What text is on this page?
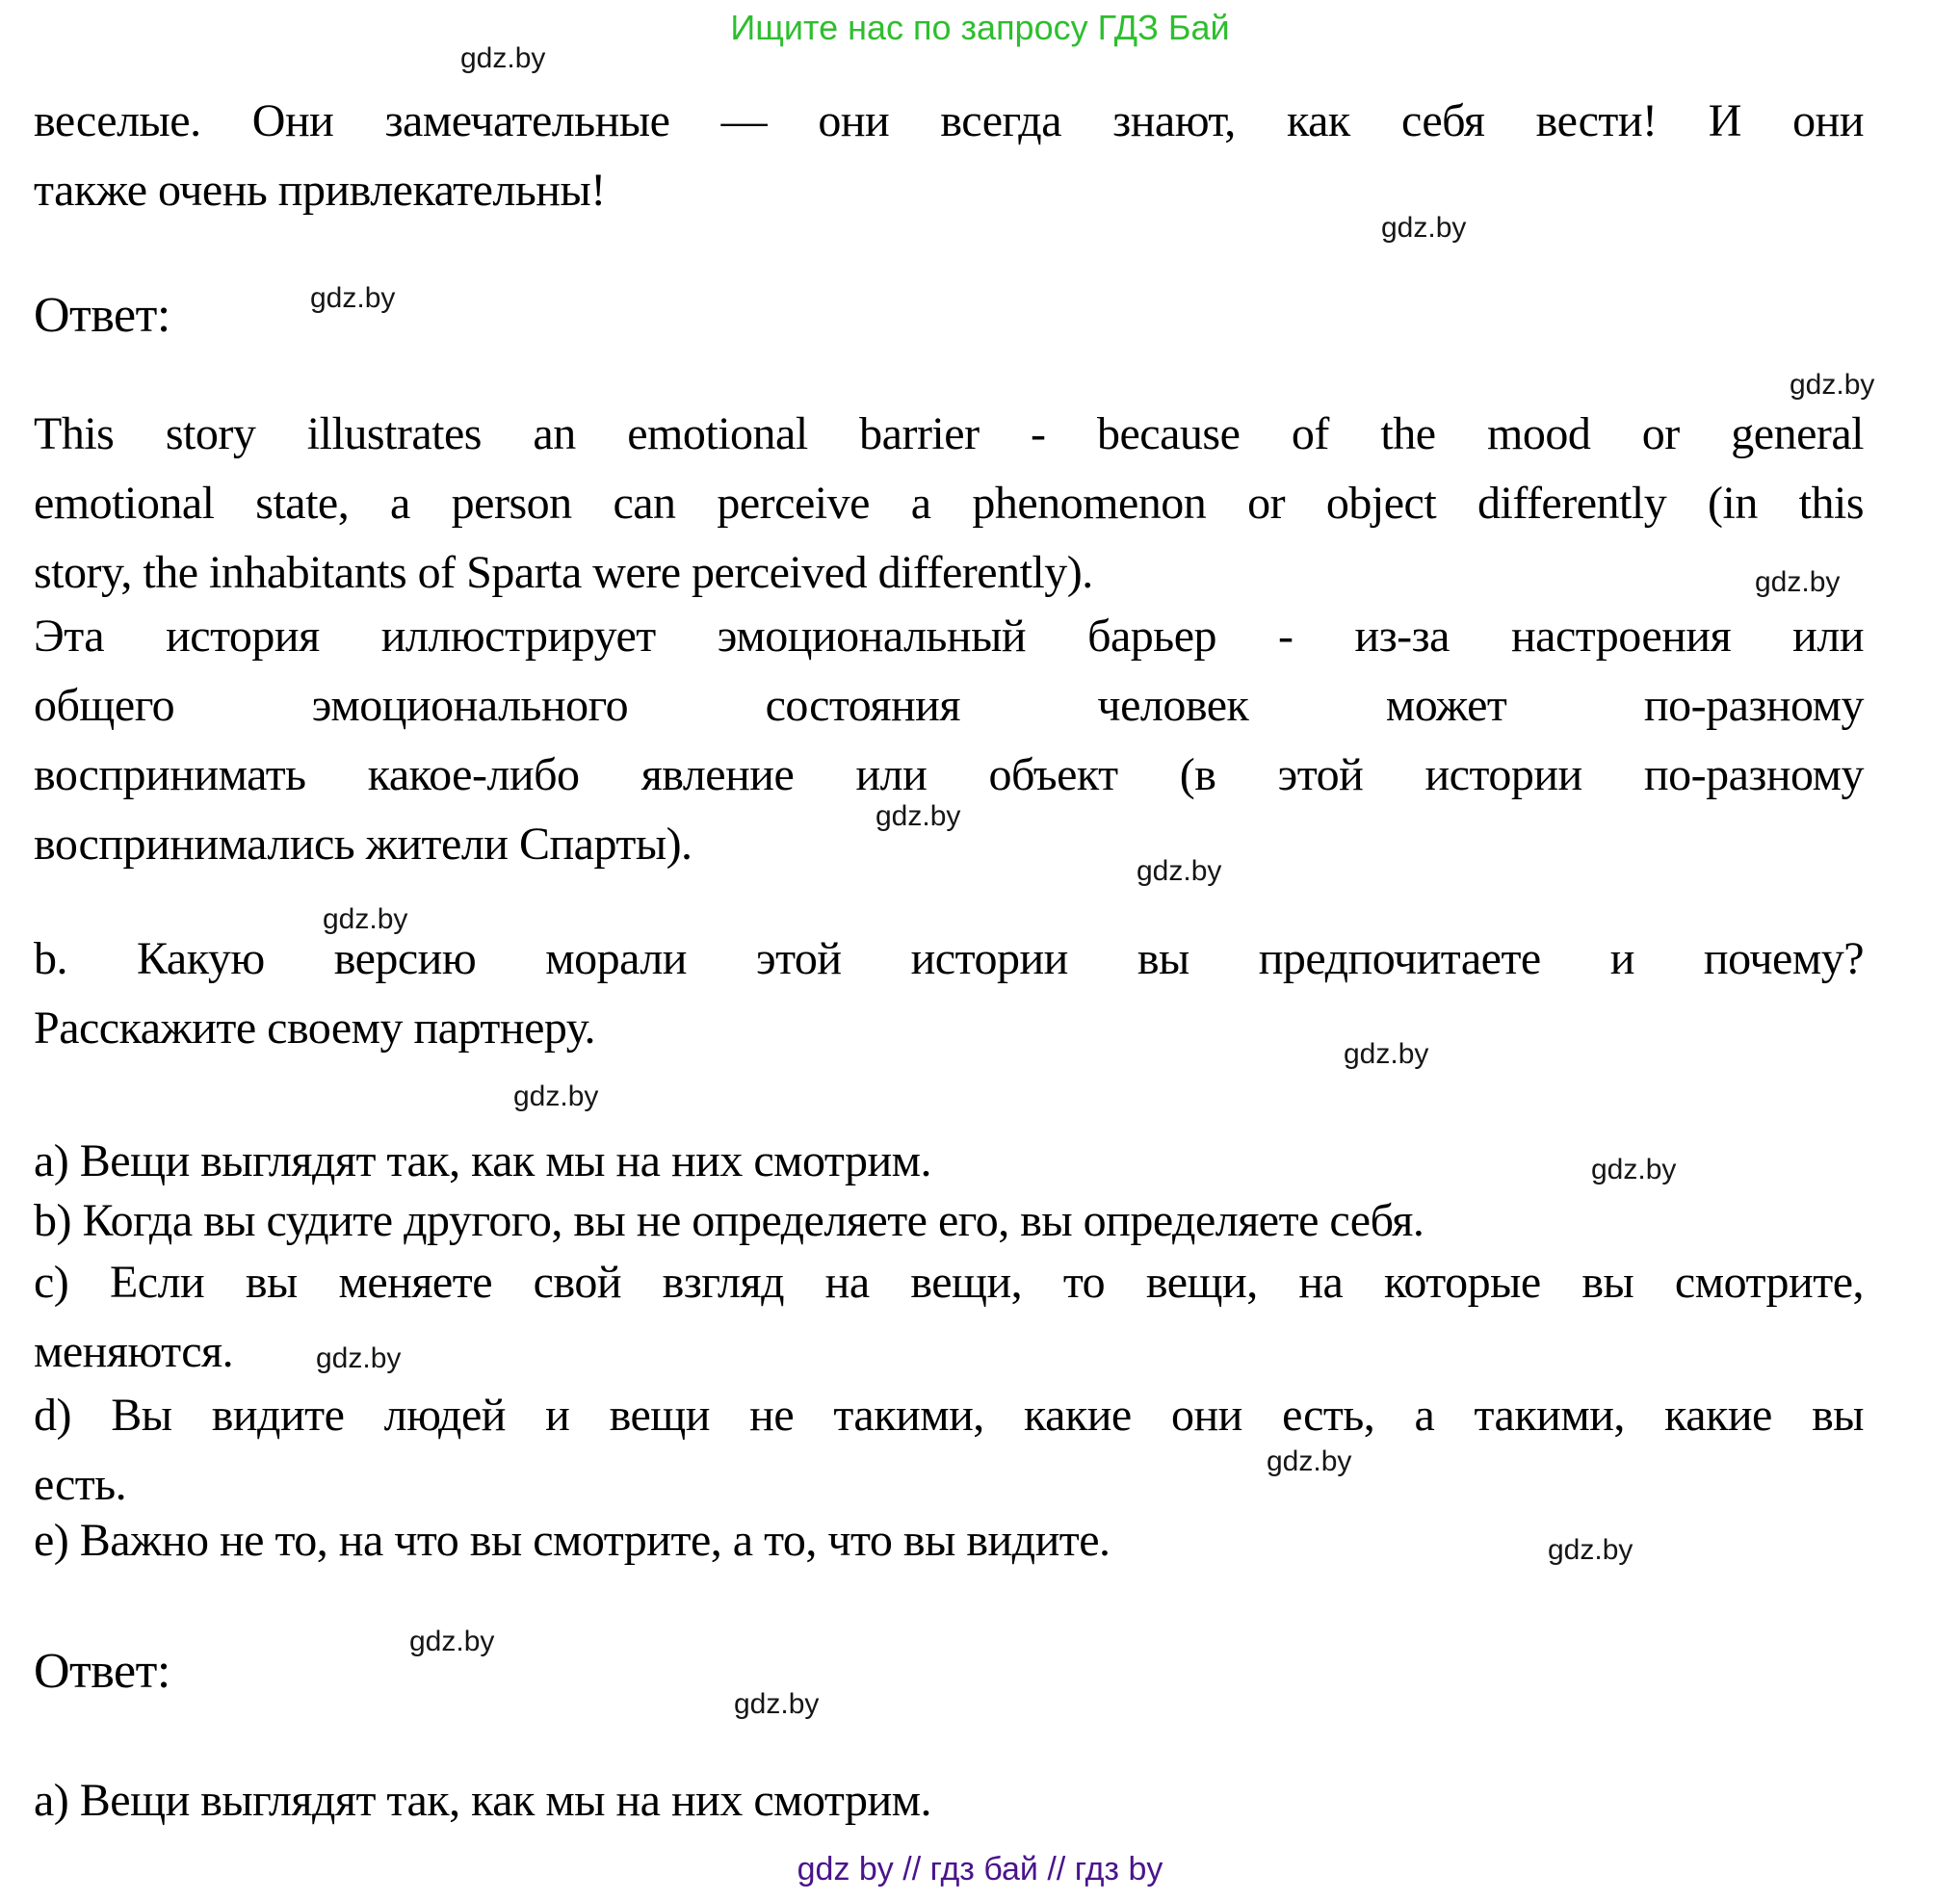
Ищите нас по запросу ГДЗ Бай
gdz.by
gdz.by
gdz.by
gdz.by
gdz.by
gdz.by
gdz.by
gdz.by
gdz.by
gdz.by
gdz.by
gdz.by
gdz.by
gdz.by
gdz.by
gdz.by
веселые. Они замечательные — они всегда знают, как себя вести! И они
также очень привлекательны!
Ответ:
This story illustrates an emotional barrier - because of the mood or general
emotional state, a person can perceive a phenomenon or object differently (in this
story, the inhabitants of Sparta were perceived differently).
Эта история иллюстрирует эмоциональный барьер - из-за настроения или
общего эмоционального состояния человек может по-разному
воспринимать какое-либо явление или объект (в этой истории по-разному
воспринимались жители Спарты).
b. Какую версию морали этой истории вы предпочитаете и почему?
Расскажите своему партнеру.
a) Вещи выглядят так, как мы на них смотрим.
b) Когда вы судите другого, вы не определяете его, вы определяете себя.
c) Если вы меняете свой взгляд на вещи, то вещи, на которые вы смотрите,
меняются.
d) Вы видите людей и вещи не такими, какие они есть, а такими, какие вы
есть.
e) Важно не то, на что вы смотрите, а то, что вы видите.
Ответ:
a) Вещи выглядят так, как мы на них смотрим.
gdz by // гдз бай // гдз by
